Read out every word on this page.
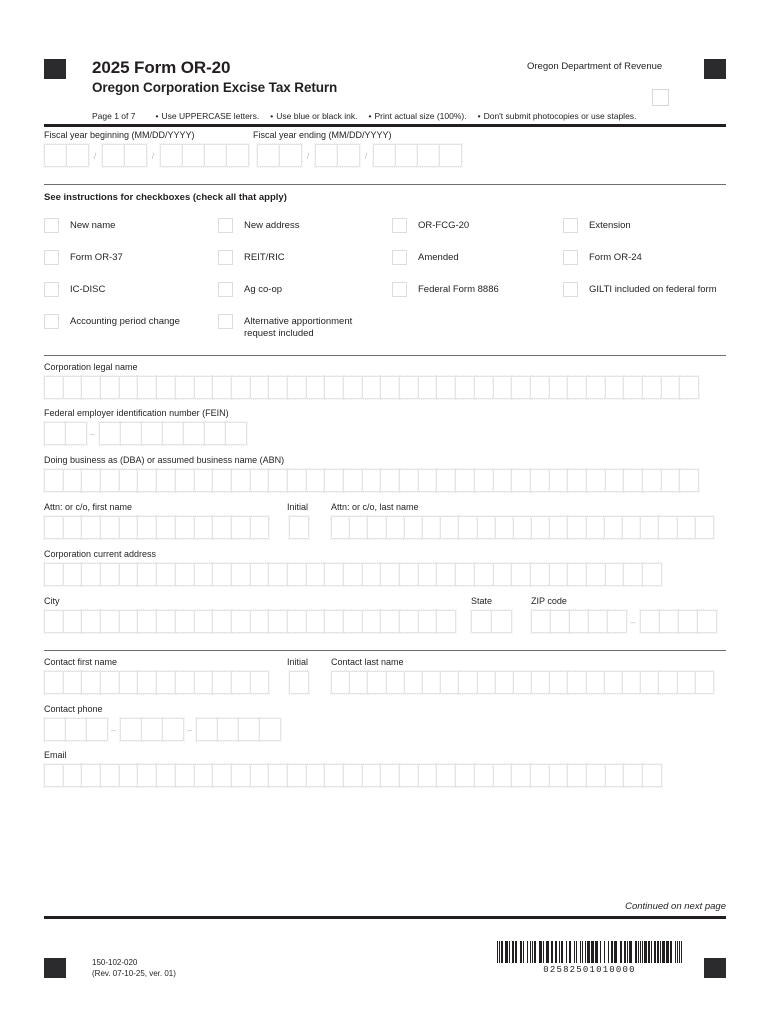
2025 Form OR-20
Oregon Corporation Excise Tax Return
Oregon Department of Revenue
Page 1 of 7 • Use UPPERCASE letters. • Use blue or black ink. • Print actual size (100%). • Don't submit photocopies or use staples.
Fiscal year beginning (MM/DD/YYYY)
/	/
Fiscal year ending (MM/DD/YYYY)
/	/
See instructions for checkboxes (check all that apply)
New name	New address	OR-FCG-20	Extension
Form OR-37	REIT/RIC	Amended	Form OR-24
IC-DISC	Ag co-op	Federal Form 8886	GILTI included on federal form
Accounting period change	Alternative apportionment request included
Corporation legal name
Federal employer identification number (FEIN)
–
Doing business as (DBA) or assumed business name (ABN)
Attn: or c/o, first name	Initial	Attn: or c/o, last name
Corporation current address
City	State	ZIP code
–
Contact first name	Initial	Contact last name
Contact phone
–	–
Email
Continued on next page
150-102-020
(Rev. 07-10-25, ver. 01)	02582501010000
